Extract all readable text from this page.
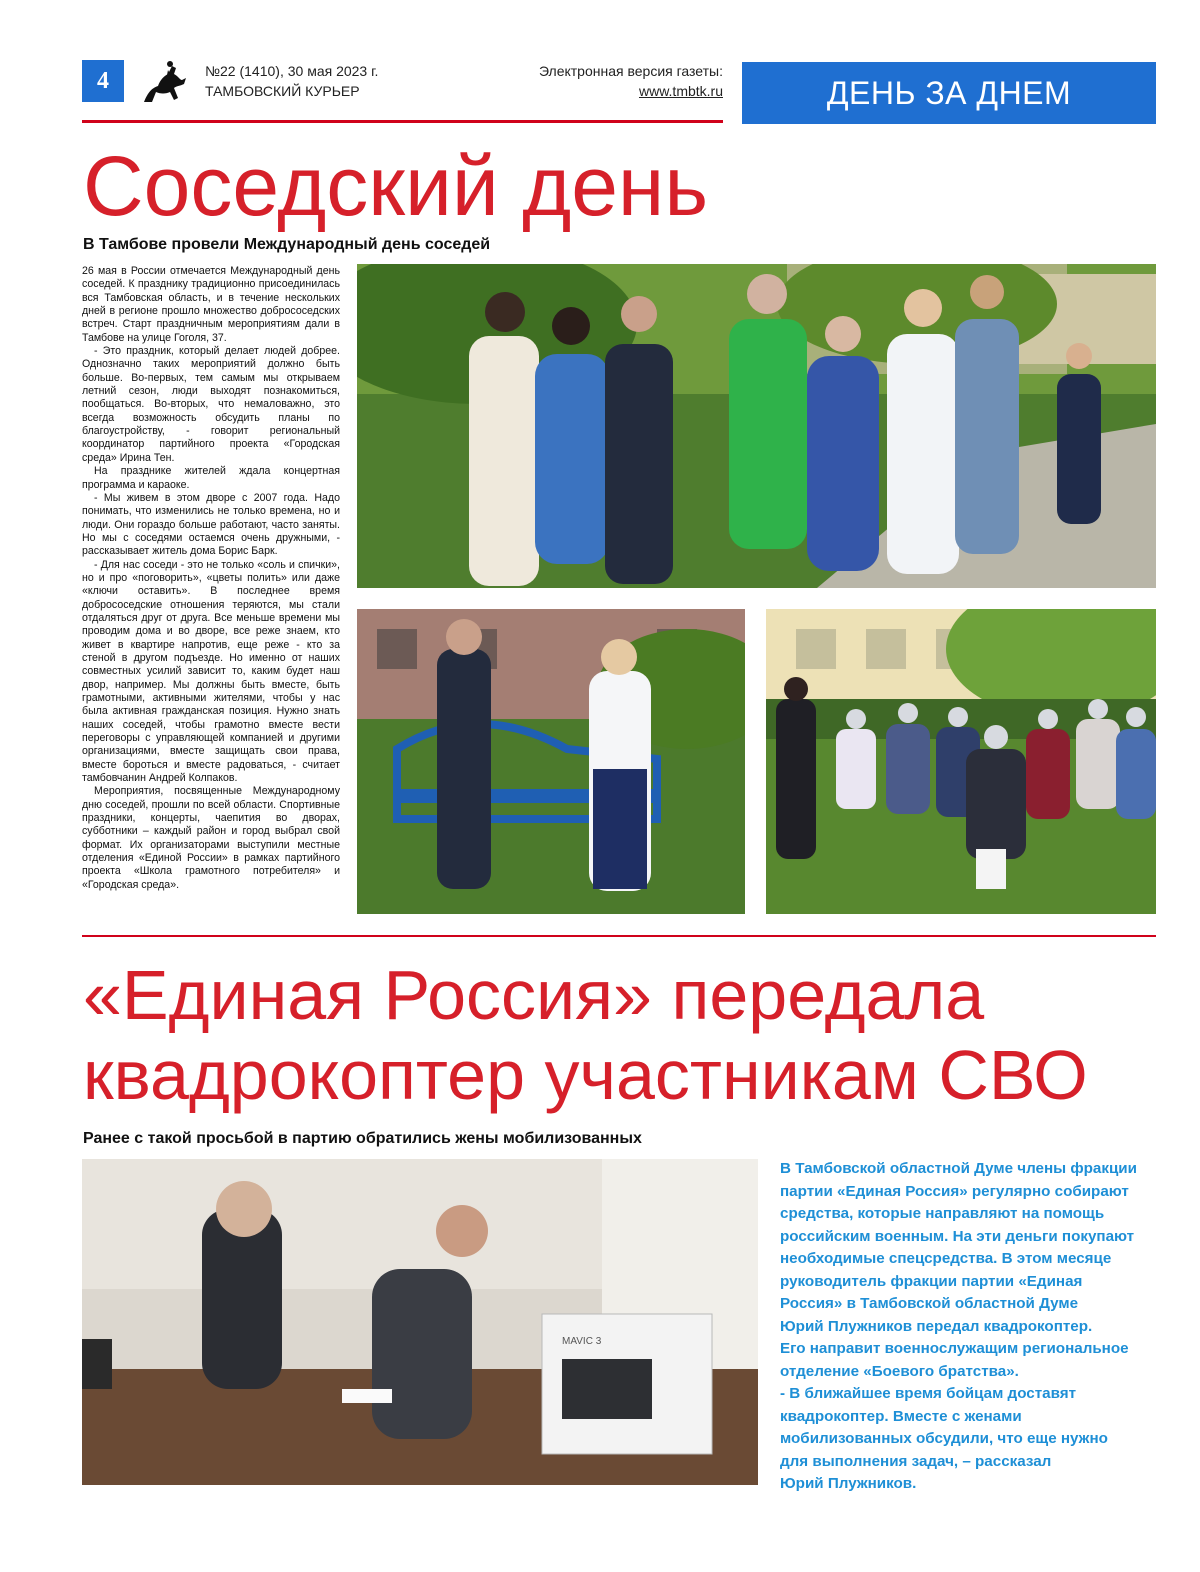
4	№22 (1410), 30 мая 2023 г.
ТАМБОВСКИЙ КУРЬЕР
Электронная версия газеты:
www.tmbtk.ru	ДЕНЬ ЗА ДНЕМ
Соседский день
В Тамбове провели Международный день соседей

26 мая в России отмечается Международный день соседей. К празднику традиционно присоединилась вся Тамбовская область, и в течение нескольких дней в регионе прошло множество добрососедских встреч. Старт праздничным мероприятиям дали в Тамбове на улице Гоголя, 37.

- Это праздник, который делает людей добрее. Однозначно таких мероприятий должно быть больше. Во-первых, тем самым мы открываем летний сезон, люди выходят познакомиться, пообщаться. Во-вторых, что немаловажно, это всегда возможность обсудить планы по благоустройству, - говорит региональный координатор партийного проекта «Городская среда» Ирина Тен.

На празднике жителей ждала концертная программа и караоке.

- Мы живем в этом дворе с 2007 года. Надо понимать, что изменились не только времена, но и люди. Они гораздо больше работают, часто заняты. Но мы с соседями остаемся очень дружными, - рассказывает житель дома Борис Барк.

- Для нас соседи - это не только «соль и спички», но и про «поговорить», «цветы полить» или даже «ключи оставить». В последнее время добрососедские отношения теряются, мы стали отдаляться друг от друга. Все меньше времени мы проводим дома и во дворе, все реже знаем, кто живет в квартире напротив, еще реже - кто за стеной в другом подъезде. Но именно от наших совместных усилий зависит то, каким будет наш двор, например. Мы должны быть вместе, быть грамотными, активными жителями, чтобы у нас была активная гражданская позиция. Нужно знать наших соседей, чтобы грамотно вместе вести переговоры с управляющей компанией и другими организациями, вместе защищать свои права, вместе бороться и вместе радоваться, - считает тамбовчанин Андрей Колпаков.

Мероприятия, посвященные Международному дню соседей, прошли по всей области. Спортивные праздники, концерты, чаепития во дворах, субботники – каждый район и город выбрал свой формат. Их организаторами выступили местные отделения «Единой России» в рамках партийного проекта «Школа грамотного потребителя» и «Городская среда».

«Единая Россия» передала
квадрокоптер участникам СВО
Ранее с такой просьбой в партию обратились жены мобилизованных
MAVIC 3
В Тамбовской областной Думе члены фракции
партии «Единая Россия» регулярно собирают
средства, которые направляют на помощь
российским военным. На эти деньги покупают
необходимые спецсредства. В этом месяце
руководитель фракции партии «Единая
Россия» в Тамбовской областной Думе
Юрий Плужников передал квадрокоптер.
Его направит военнослужащим региональное
отделение «Боевого братства».
- В ближайшее время бойцам доставят
квадрокоптер. Вместе с женами
мобилизованных обсудили, что еще нужно
для выполнения задач, – рассказал
Юрий Плужников.
